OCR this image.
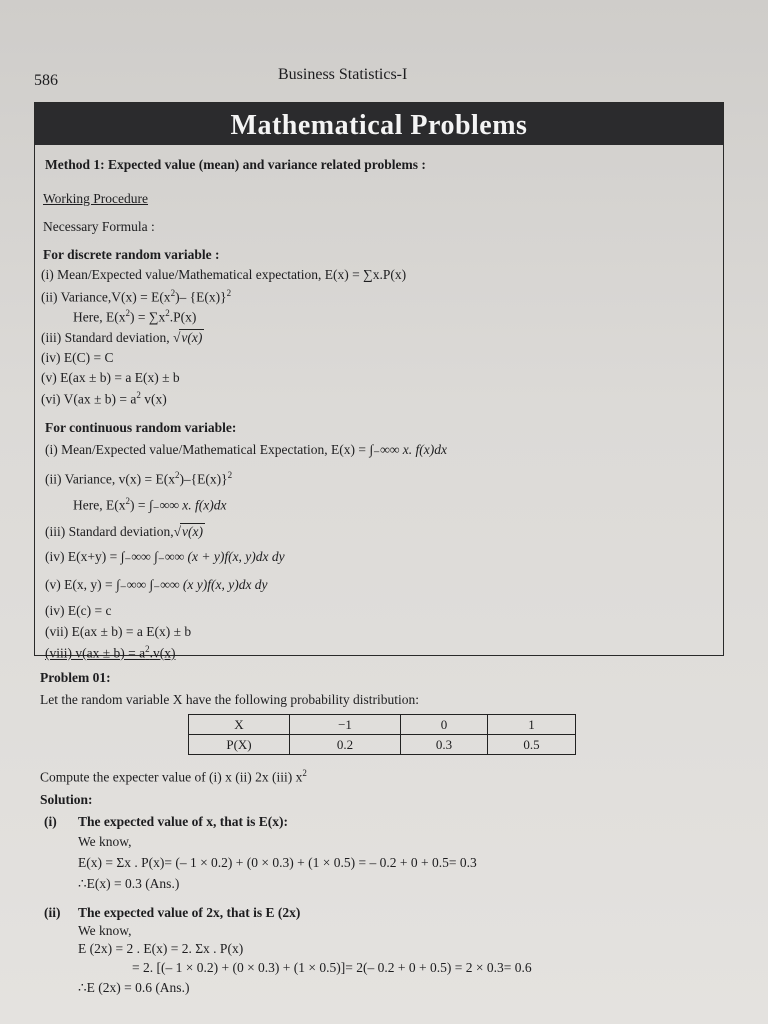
586	Business Statistics-I
Mathematical Problems
Method 1: Expected value (mean) and variance related problems :
Working Procedure
Necessary Formula :
For discrete random variable :
(i) Mean/Expected value/Mathematical expectation, E(x) = ∑x.P(x)
(ii) Variance,V(x) = $E(x^2)-$ $\{E(x)\}^2$
Here, $E(x^2) = \sum x^2.P(x)$
(iii) Standard deviation, √v(x)
(iv) E(C) = C
(v) E(ax ± b) = a E(x) ± b
(vi) $V(ax \pm b) = a^2$ v(x)
For continuous random variable:
(i) Mean/Expected value/Mathematical Expectation, E(x) = ∫₋∞∞ x. f(x)dx
(ii) Variance, $v(x) = E(x^2)-\{E(x)\}^2$
Here, $E(x^2)$ = ∫₋∞∞ x. f(x)dx
(iii) Standard deviation,√v(x)
(iv) E(x+y) = ∫₋∞∞ ∫₋∞∞ (x + y)f(x, y)dx dy
(v) E(x, y) = ∫₋∞∞ ∫₋∞∞ (x y)f(x, y)dx dy
(iv) E(c) = c
(vii) E(ax ± b) = a E(x) ± b
(viii) $v(ax \pm b) = a^2.v(x)$
Problem 01:
Let the random variable X have the following probability distribution:
X	−1	0	1
P(X)	0.2	0.3	0.5
Compute the expecter value of (i) x (ii) 2x (iii) $x^2$
Solution:
(i) The expected value of x, that is E(x):
We know,
E(x) = Σx . P(x)= (– 1 × 0.2) + (0 × 0.3) + (1 × 0.5) = – 0.2 + 0 + 0.5= 0.3
∴E(x) = 0.3 (Ans.)
(ii) The expected value of 2x, that is E (2x)
We know,
E (2x) = 2 . E(x) = 2. Σx . P(x)
= 2. [(– 1 × 0.2) + (0 × 0.3) + (1 × 0.5)]= 2(– 0.2 + 0 + 0.5) = 2 × 0.3= 0.6
∴E (2x) = 0.6 (Ans.)
